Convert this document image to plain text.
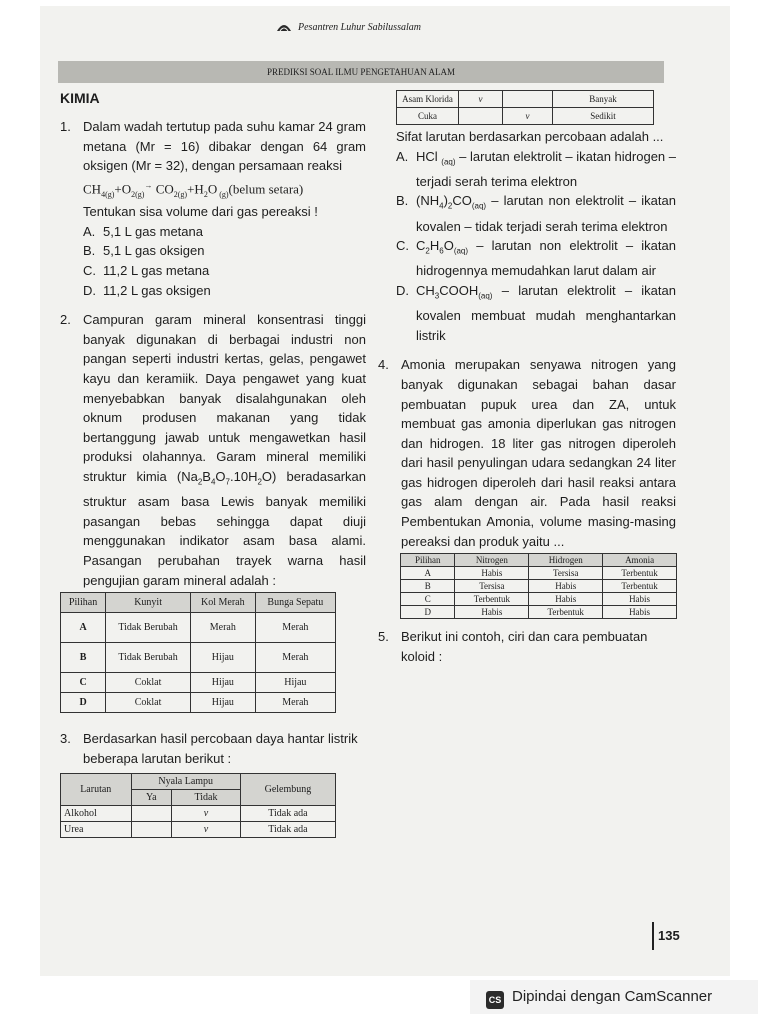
Pesantren Luhur Sabilussalam
PREDIKSI SOAL ILMU PENGETAHUAN ALAM
KIMIA
1. Dalam wadah tertutup pada suhu kamar 24 gram metana (Mr = 16) dibakar dengan 64 gram oksigen (Mr = 32), dengan persamaan reaksi
$CH_{4(g)}+O_{2(g)}^\to$ $CO_{2(g)}+H_2O$ $_{(g)}$(belum setara)
Tentukan sisa volume dari gas pereaksi !
A. 5,1 L gas metana
B. 5,1 L gas oksigen
C. 11,2 L gas metana
D. 11,2 L gas oksigen
2. Campuran garam mineral konsentrasi tinggi banyak digunakan di berbagai industri non pangan seperti industri kertas, gelas, pengawet kayu dan keramiik. Daya pengawet yang kuat menyebabkan banyak disalahgunakan oleh oknum produsen makanan yang tidak bertanggung jawab untuk mengawetkan hasil produksi olahannya. Garam mineral memiliki struktur kimia $(Na_2B_4O_7.10H_2O)$ beradasarkan struktur asam basa Lewis banyak memiliki pasangan bebas sehingga dapat diuji menggunakan indikator asam basa alami. Pasangan perubahan trayek warna hasil pengujian garam mineral adalah :
Pilihan	Kunyit	Kol Merah	Bunga Sepatu
A	Tidak Berubah	Merah	Merah
B	Tidak Berubah	Hijau	Merah
C	Coklat	Hijau	Hijau
D	Coklat	Hijau	Merah
3. Berdasarkan hasil percobaan daya hantar listrik beberapa larutan berikut :
Larutan	Nyala Lampu		Gelembung
	Ya	Tidak	
Alkohol		v	Tidak ada
Urea		v	Tidak ada
Asam Klorida	v		Banyak
Cuka		v	Sedikit
Sifat larutan berdasarkan percobaan adalah ...
A. HCl $_{(aq)}$ – larutan elektrolit – ikatan hidrogen – terjadi serah terima elektron
B. $(NH_4)_2CO_{(aq)}$ – larutan non elektrolit – ikatan kovalen – tidak terjadi serah terima elektron
C. $C_2H_6O_{(aq)}$ – larutan non elektrolit – ikatan hidrogennya memudahkan larut dalam air
D. $CH_3COOH_{(aq)}$ – larutan elektrolit – ikatan kovalen membuat mudah menghantarkan listrik
4. Amonia merupakan senyawa nitrogen yang banyak digunakan sebagai bahan dasar pembuatan pupuk urea dan ZA, untuk membuat gas amonia diperlukan gas nitrogen dan hidrogen. 18 liter gas nitrogen diperoleh dari hasil penyulingan udara sedangkan 24 liter gas hidrogen diperoleh dari hasil reaksi antara gas alam dengan air. Pada hasil reaksi Pembentukan Amonia, volume masing-masing pereaksi dan produk yaitu ...
Pilihan	Nitrogen	Hidrogen	Amonia
A	Habis	Tersisa	Terbentuk
B	Tersisa	Habis	Terbentuk
C	Terbentuk	Habis	Habis
D	Habis	Terbentuk	Habis
5. Berikut ini contoh, ciri dan cara pembuatan koloid :
135
CS Dipindai dengan CamScanner
